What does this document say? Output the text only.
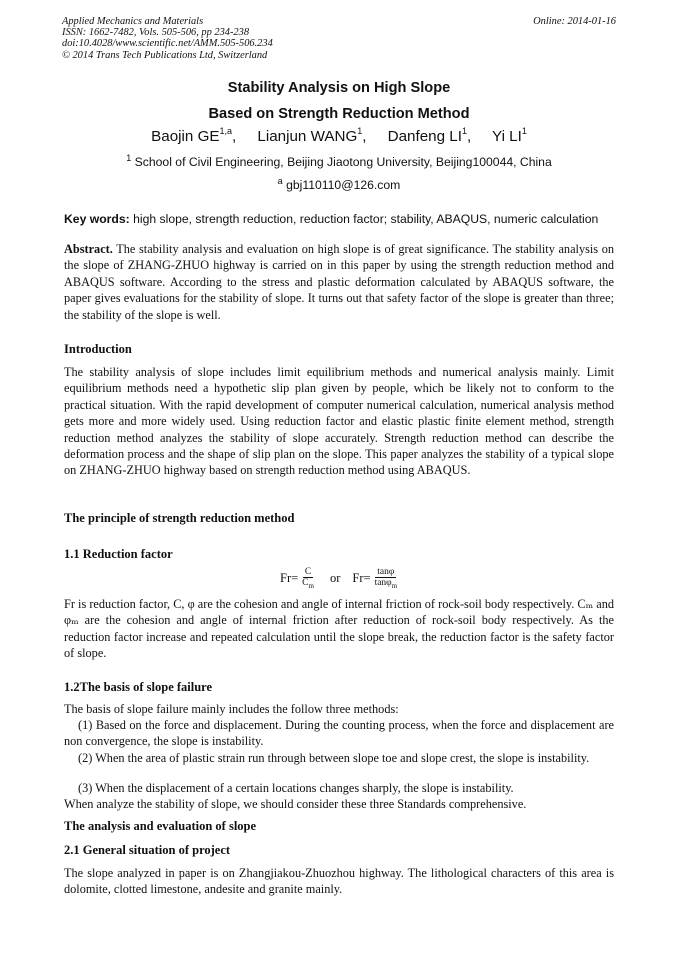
Applied Mechanics and Materials
ISSN: 1662-7482, Vols. 505-506, pp 234-238
doi:10.4028/www.scientific.net/AMM.505-506.234
© 2014 Trans Tech Publications Ltd, Switzerland
Online: 2014-01-16
Stability Analysis on High Slope
Based on Strength Reduction Method
Baojin GE$^{1,a}$,     Lianjun WANG$^1$,     Danfeng $LI^1$,     Yi $LI^1$
$^1$ School of Civil Engineering, Beijing Jiaotong University, Beijing100044, China
$^a$ gbj110110@126.com
Key words: high slope, strength reduction, reduction factor; stability, ABAQUS, numeric calculation
Abstract. The stability analysis and evaluation on high slope is of great significance. The stability analysis on the slope of ZHANG-ZHUO highway is carried on in this paper by using the strength reduction method and ABAQUS software. According to the stress and plastic deformation calculated by ABAQUS software, the paper gives evaluations for the stability of slope. It turns out that safety factor of the slope is greater than three; the stability of the slope is well.
Introduction
The stability analysis of slope includes limit equilibrium methods and numerical analysis mainly. Limit equilibrium methods need a hypothetic slip plan given by people, which be likely not to conform to the practical situation. With the rapid development of computer numerical calculation, numerical analysis method gets more and more widely used. Using reduction factor and elastic plastic finite element method, strength reduction method analyzes the stability of slope accurately. Strength reduction method can describe the deformation process and the shape of slip plan on the slope. This paper analyzes the stability of a typical slope on ZHANG-ZHUO highway based on strength reduction method using ABAQUS.
The principle of strength reduction method
1.1 Reduction factor
$Fr= \frac{C}{C_m}$ or $Fr= \frac{\tan\varphi}{\tan\varphi_m}$
Fr is reduction factor, C, φ are the cohesion and angle of internal friction of rock-soil body respectively. Cₘ and φₘ are the cohesion and angle of internal friction after reduction of rock-soil body respectively. As the reduction factor increase and repeated calculation until the slope break, the reduction factor is the safety factor of slope.
1.2The basis of slope failure
The basis of slope failure mainly includes the follow three methods:
(1) Based on the force and displacement. During the counting process, when the force and displacement are non convergence, the slope is instability.
(2) When the area of plastic strain run through between slope toe and slope crest, the slope is instability.
(3) When the displacement of a certain locations changes sharply, the slope is instability.
When analyze the stability of slope, we should consider these three Standards comprehensive.
The analysis and evaluation of slope
2.1 General situation of project
The slope analyzed in paper is on Zhangjiakou-Zhuozhou highway. The lithological characters of this area is dolomite, clotted limestone, andesite and granite mainly.
